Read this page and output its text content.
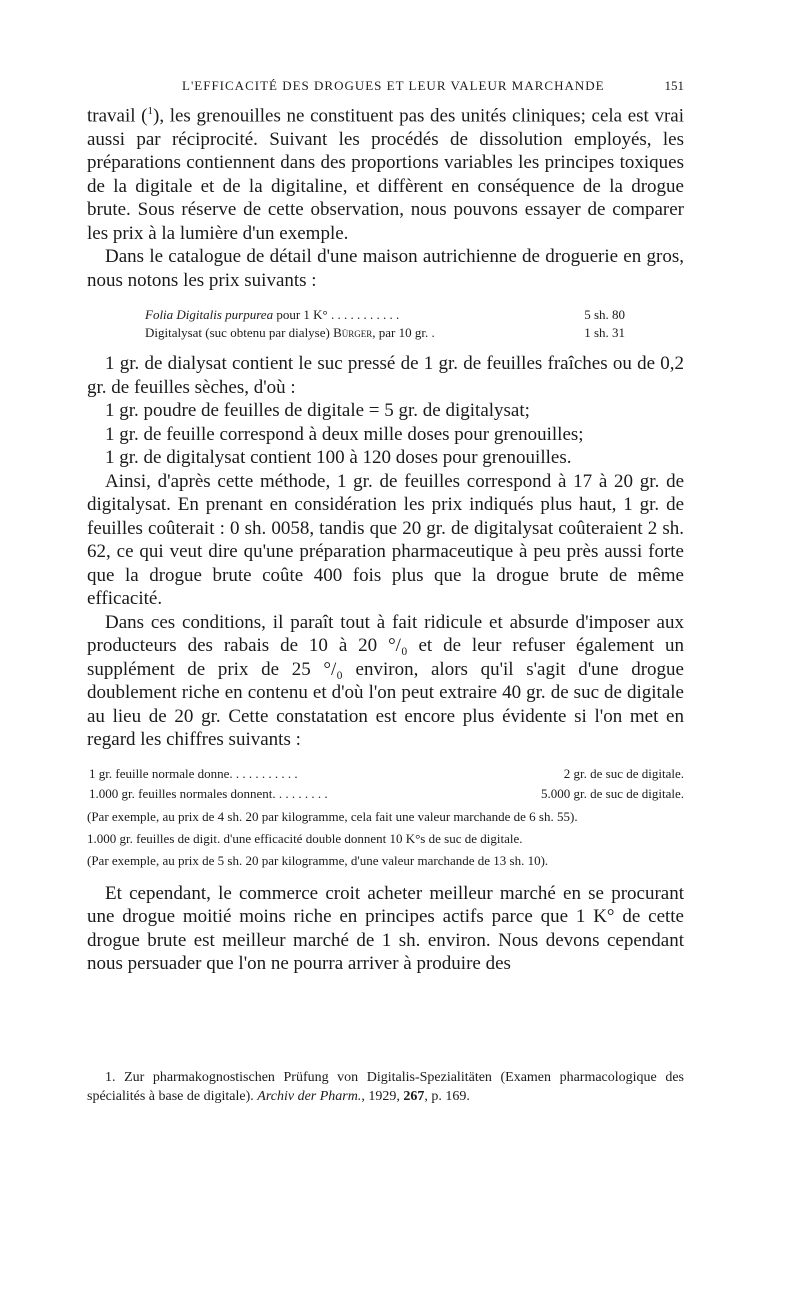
L'EFFICACITÉ DES DROGUES ET LEUR VALEUR MARCHANDE	151

travail ($^1$), les grenouilles ne constituent pas des unités cliniques; cela est vrai aussi par réciprocité. Suivant les procédés de dissolution employés, les préparations contiennent dans des proportions variables les principes toxiques de la digitale et de la digitaline, et diffèrent en conséquence de la drogue brute. Sous réserve de cette observation, nous pouvons essayer de comparer les prix à la lumière d'un exemple.

Dans le catalogue de détail d'une maison autrichienne de droguerie en gros, nous notons les prix suivants :

Folia Digitalis purpurea pour 1 K° . . . . . . . . . . .	5 sh. 80
Digitalysat (suc obtenu par dialyse) Bürger, par 10 gr. .	1 sh. 31

1 gr. de dialysat contient le suc pressé de 1 gr. de feuilles fraîches ou de 0,2 gr. de feuilles sèches, d'où :

1 gr. poudre de feuilles de digitale = 5 gr. de digitalysat;
1 gr. de feuille correspond à deux mille doses pour grenouilles;
1 gr. de digitalysat contient 100 à 120 doses pour grenouilles.

Ainsi, d'après cette méthode, 1 gr. de feuilles correspond à 17 à 20 gr. de digitalysat. En prenant en considération les prix indiqués plus haut, 1 gr. de feuilles coûterait : 0 sh. 0058, tandis que 20 gr. de digitalysat coûteraient 2 sh. 62, ce qui veut dire qu'une préparation pharmaceutique à peu près aussi forte que la drogue brute coûte 400 fois plus que la drogue brute de même efficacité.

Dans ces conditions, il paraît tout à fait ridicule et absurde d'imposer aux producteurs des rabais de 10 à 20 °/₀ et de leur refuser également un supplément de prix de 25 °/₀ environ, alors qu'il s'agit d'une drogue doublement riche en contenu et d'où l'on peut extraire 40 gr. de suc de digitale au lieu de 20 gr. Cette constatation est encore plus évidente si l'on met en regard les chiffres suivants :

1 gr. feuille normale donne. . . . . . . . . . .	2 gr. de suc de digitale.
1.000 gr. feuilles normales donnent. . . . . . . . .	5.000 gr. de suc de digitale.
(Par exemple, au prix de 4 sh. 20 par kilogramme, cela fait une valeur marchande de 6 sh. 55).
1.000 gr. feuilles de digit. d'une efficacité double donnent 10 K°s de suc de digitale.
(Par exemple, au prix de 5 sh. 20 par kilogramme, d'une valeur marchande de 13 sh. 10).

Et cependant, le commerce croit acheter meilleur marché en se procurant une drogue moitié moins riche en principes actifs parce que 1 K° de cette drogue brute est meilleur marché de 1 sh. environ. Nous devons cependant nous persuader que l'on ne pourra arriver à produire des

1. Zur pharmakognostischen Prüfung von Digitalis-Spezialitäten (Examen pharmacologique des spécialités à base de digitale). Archiv der Pharm., 1929, 267, p. 169.
